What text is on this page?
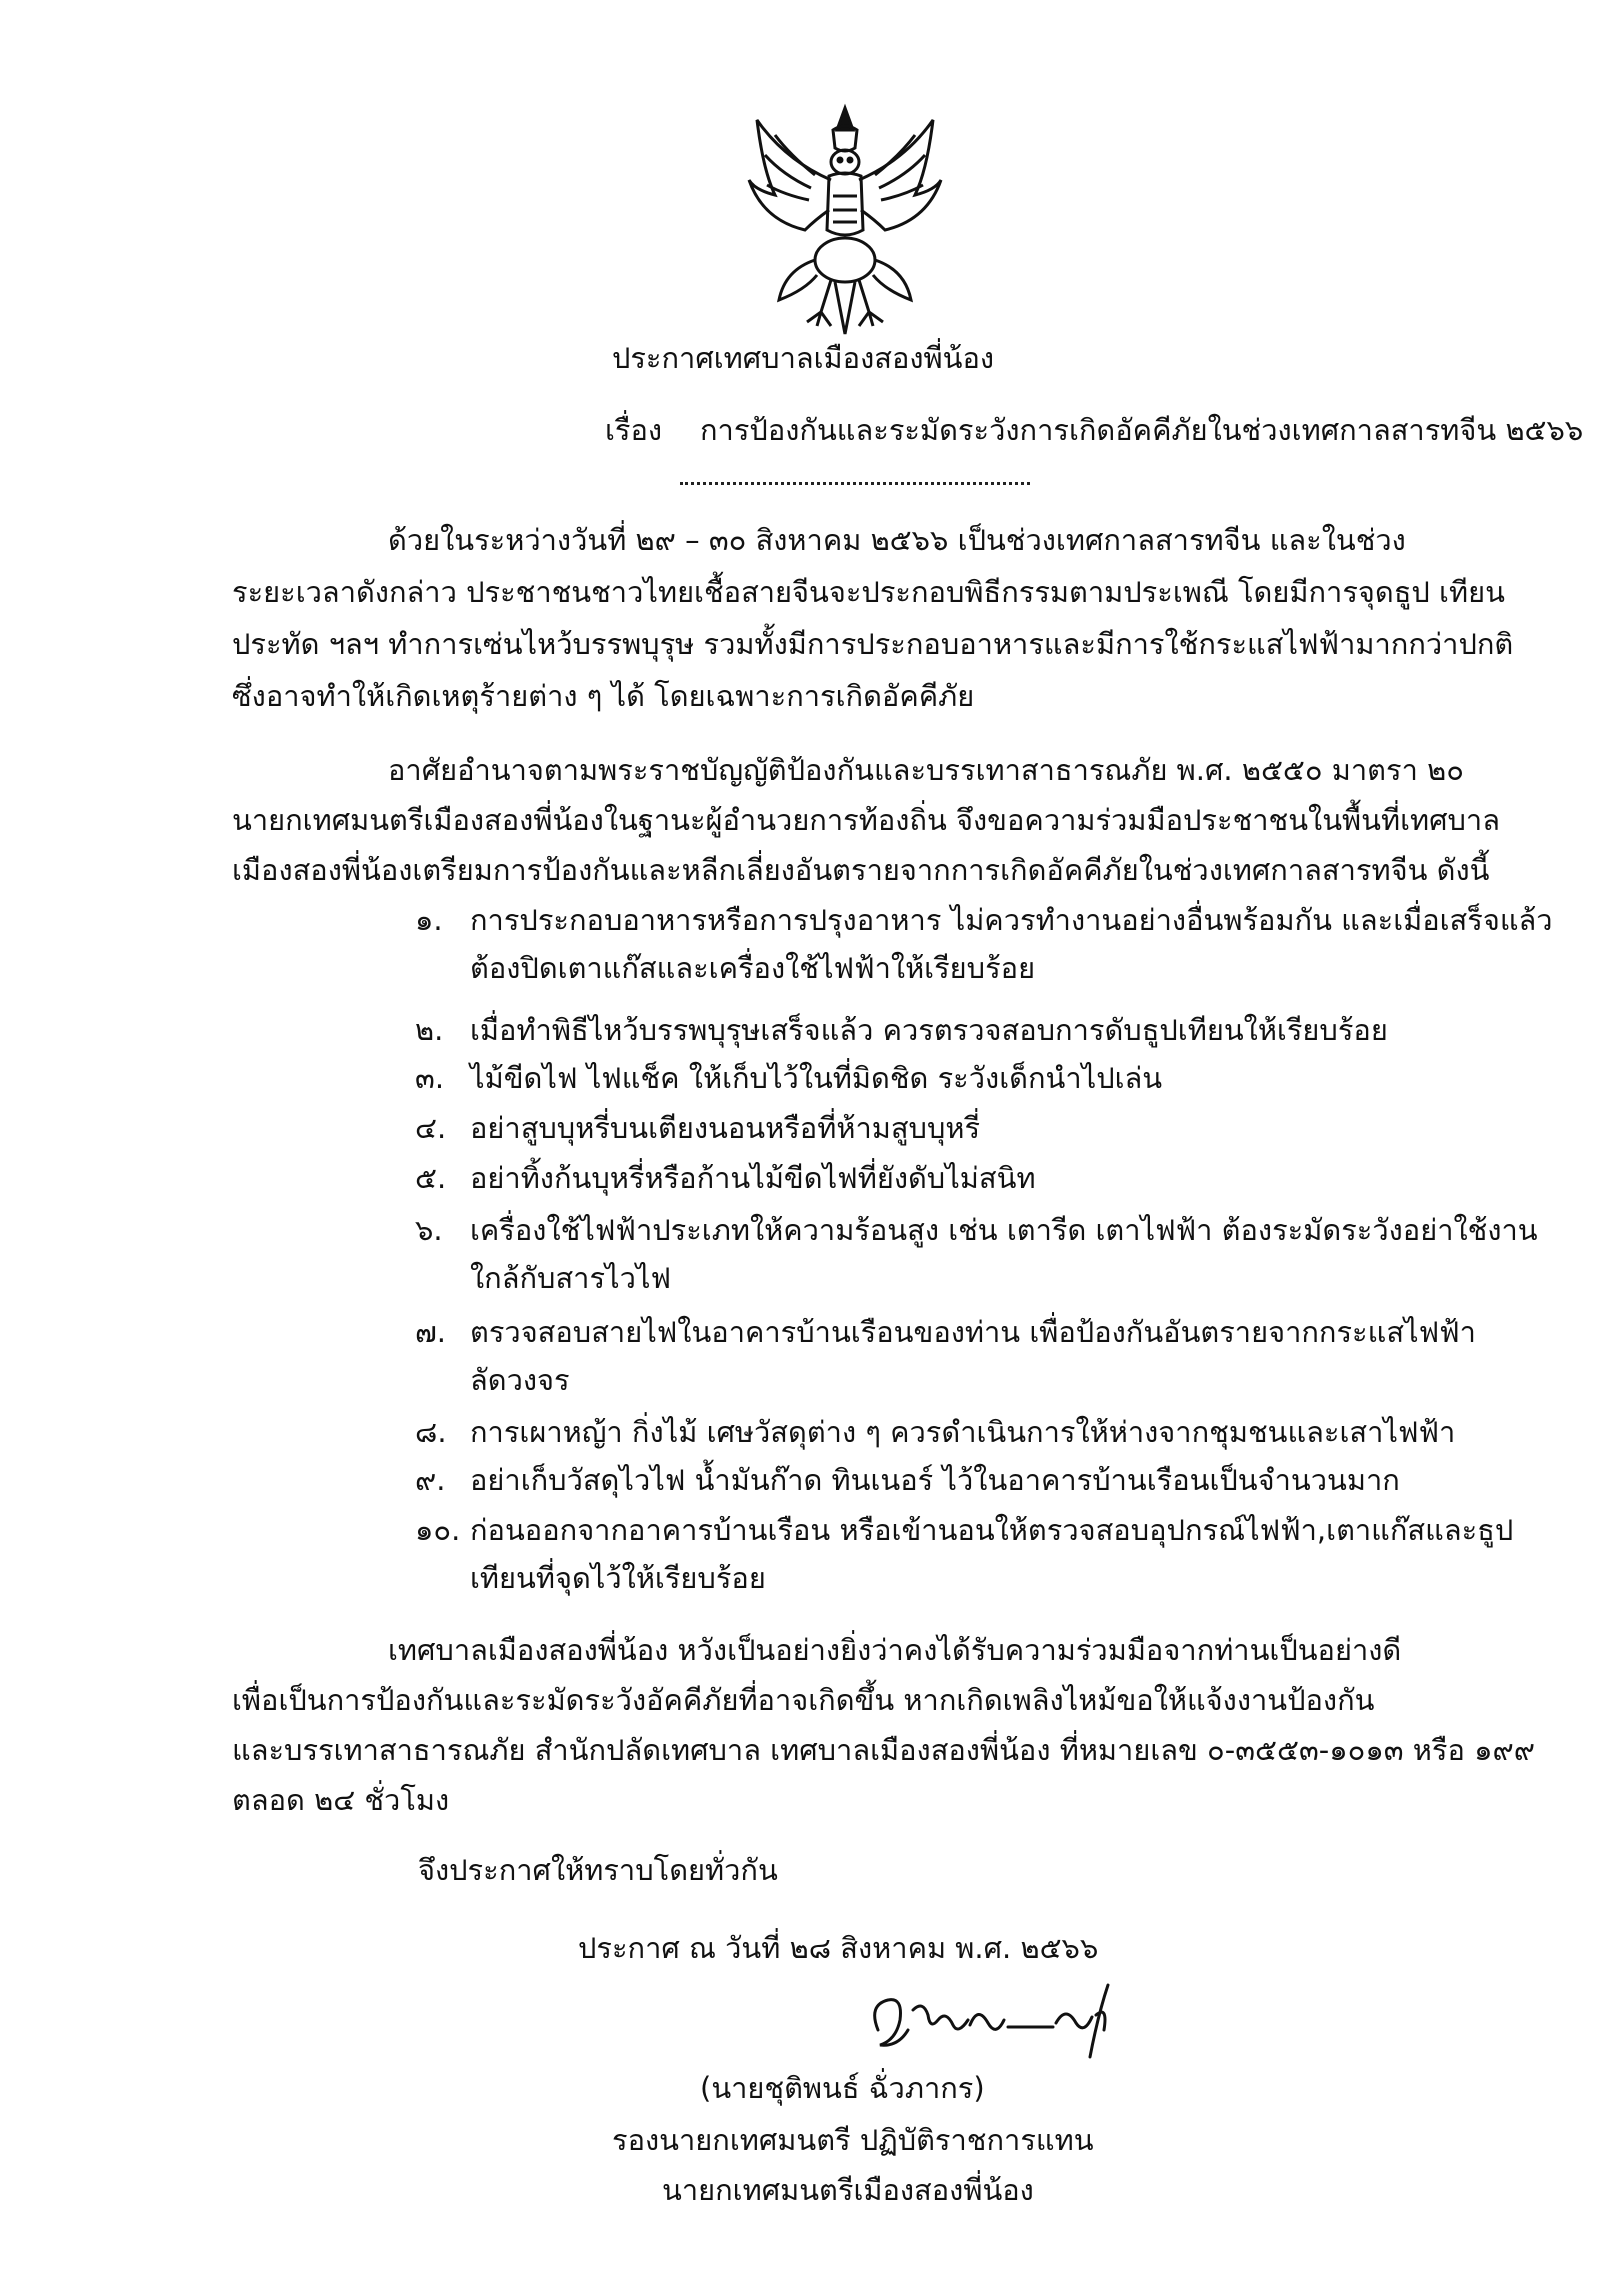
ประกาศเทศบาลเมืองสองพี่น้อง
เรื่อง การป้องกันและระมัดระวังการเกิดอัคคีภัยในช่วงเทศกาลสารทจีน ๒๕๖๖
ด้วยในระหว่างวันที่ ๒๙ – ๓๐ สิงหาคม ๒๕๖๖ เป็นช่วงเทศกาลสารทจีน และในช่วง
ระยะเวลาดังกล่าว ประชาชนชาวไทยเชื้อสายจีนจะประกอบพิธีกรรมตามประเพณี โดยมีการจุดธูป เทียน
ประทัด ฯลฯ ทำการเซ่นไหว้บรรพบุรุษ รวมทั้งมีการประกอบอาหารและมีการใช้กระแสไฟฟ้ามากกว่าปกติ
ซึ่งอาจทำให้เกิดเหตุร้ายต่าง ๆ ได้ โดยเฉพาะการเกิดอัคคีภัย
อาศัยอำนาจตามพระราชบัญญัติป้องกันและบรรเทาสาธารณภัย พ.ศ. ๒๕๕๐ มาตรา ๒๐
นายกเทศมนตรีเมืองสองพี่น้องในฐานะผู้อำนวยการท้องถิ่น จึงขอความร่วมมือประชาชนในพื้นที่เทศบาล
เมืองสองพี่น้องเตรียมการป้องกันและหลีกเลี่ยงอันตรายจากการเกิดอัคคีภัยในช่วงเทศกาลสารทจีน ดังนี้
๑. การประกอบอาหารหรือการปรุงอาหาร ไม่ควรทำงานอย่างอื่นพร้อมกัน และเมื่อเสร็จแล้ว
ต้องปิดเตาแก๊สและเครื่องใช้ไฟฟ้าให้เรียบร้อย
๒. เมื่อทำพิธีไหว้บรรพบุรุษเสร็จแล้ว ควรตรวจสอบการดับธูปเทียนให้เรียบร้อย
๓. ไม้ขีดไฟ ไฟแช็ค ให้เก็บไว้ในที่มิดชิด ระวังเด็กนำไปเล่น
๔. อย่าสูบบุหรี่บนเตียงนอนหรือที่ห้ามสูบบุหรี่
๕. อย่าทิ้งก้นบุหรี่หรือก้านไม้ขีดไฟที่ยังดับไม่สนิท
๖. เครื่องใช้ไฟฟ้าประเภทให้ความร้อนสูง เช่น เตารีด เตาไฟฟ้า ต้องระมัดระวังอย่าใช้งาน
ใกล้กับสารไวไฟ
๗. ตรวจสอบสายไฟในอาคารบ้านเรือนของท่าน เพื่อป้องกันอันตรายจากกระแสไฟฟ้า
ลัดวงจร
๘. การเผาหญ้า กิ่งไม้ เศษวัสดุต่าง ๆ ควรดำเนินการให้ห่างจากชุมชนและเสาไฟฟ้า
๙. อย่าเก็บวัสดุไวไฟ น้ำมันก๊าด ทินเนอร์ ไว้ในอาคารบ้านเรือนเป็นจำนวนมาก
๑๐. ก่อนออกจากอาคารบ้านเรือน หรือเข้านอนให้ตรวจสอบอุปกรณ์ไฟฟ้า,เตาแก๊สและธูป
เทียนที่จุดไว้ให้เรียบร้อย
เทศบาลเมืองสองพี่น้อง หวังเป็นอย่างยิ่งว่าคงได้รับความร่วมมือจากท่านเป็นอย่างดี
เพื่อเป็นการป้องกันและระมัดระวังอัคคีภัยที่อาจเกิดขึ้น หากเกิดเพลิงไหม้ขอให้แจ้งงานป้องกัน
และบรรเทาสาธารณภัย สำนักปลัดเทศบาล เทศบาลเมืองสองพี่น้อง ที่หมายเลข ๐-๓๕๕๓-๑๐๑๓ หรือ ๑๙๙
ตลอด ๒๔ ชั่วโมง
จึงประกาศให้ทราบโดยทั่วกัน
ประกาศ ณ วันที่ ๒๘ สิงหาคม พ.ศ. ๒๕๖๖
(นายชุติพนธ์ ฉั่วภากร)
รองนายกเทศมนตรี ปฏิบัติราชการแทน
นายกเทศมนตรีเมืองสองพี่น้อง
